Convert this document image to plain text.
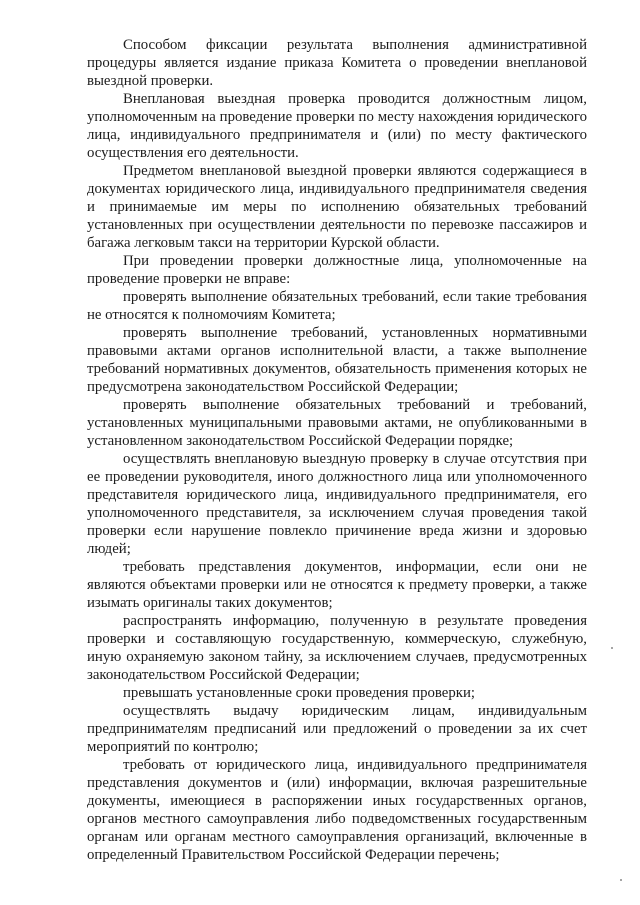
Способом фиксации результата выполнения административной процедуры является издание приказа Комитета о проведении внеплановой выездной проверки.

Внеплановая выездная проверка проводится должностным лицом, уполномоченным на проведение проверки по месту нахождения юридического лица, индивидуального предпринимателя и (или) по месту фактического осуществления его деятельности.

Предметом внеплановой выездной проверки являются содержащиеся в документах юридического лица, индивидуального предпринимателя сведения и принимаемые им меры по исполнению обязательных требований установленных при осуществлении деятельности по перевозке пассажиров и багажа легковым такси на территории Курской области.

При проведении проверки должностные лица, уполномоченные на проведение проверки не вправе:

проверять выполнение обязательных требований, если такие требования не относятся к полномочиям Комитета;

проверять выполнение требований, установленных нормативными правовыми актами органов исполнительной власти, а также выполнение требований нормативных документов, обязательность применения которых не предусмотрена законодательством Российской Федерации;

проверять выполнение обязательных требований и требований, установленных муниципальными правовыми актами, не опубликованными в установленном законодательством Российской Федерации порядке;

осуществлять внеплановую выездную проверку в случае отсутствия при ее проведении руководителя, иного должностного лица или уполномоченного представителя юридического лица, индивидуального предпринимателя, его уполномоченного представителя, за исключением случая проведения такой проверки если нарушение повлекло причинение вреда жизни и здоровью людей;

требовать представления документов, информации, если они не являются объектами проверки или не относятся к предмету проверки, а также изымать оригиналы таких документов;

распространять информацию, полученную в результате проведения проверки и составляющую государственную, коммерческую, служебную, иную охраняемую законом тайну, за исключением случаев, предусмотренных законодательством Российской Федерации;

превышать установленные сроки проведения проверки;

осуществлять выдачу юридическим лицам, индивидуальным предпринимателям предписаний или предложений о проведении за их счет мероприятий по контролю;

требовать от юридического лица, индивидуального предпринимателя представления документов и (или) информации, включая разрешительные документы, имеющиеся в распоряжении иных государственных органов, органов местного самоуправления либо подведомственных государственным органам или органам местного самоуправления организаций, включенные в определенный Правительством Российской Федерации перечень;
